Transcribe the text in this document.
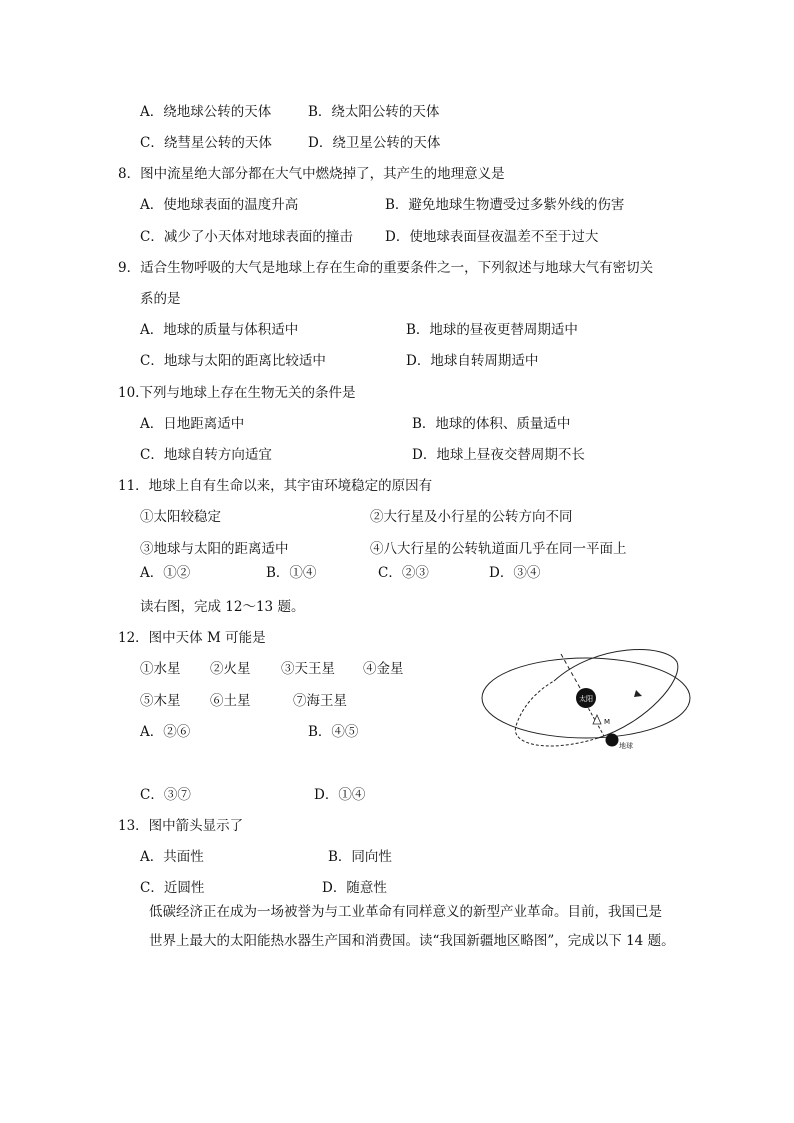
A．绕地球公转的天体	B．绕太阳公转的天体
C．绕彗星公转的天体	D．绕卫星公转的天体
8．图中流星绝大部分都在大气中燃烧掉了，其产生的地理意义是
A．使地球表面的温度升高	B．避免地球生物遭受过多紫外线的伤害
C．减少了小天体对地球表面的撞击 D．使地球表面昼夜温差不至于过大
9．适合生物呼吸的大气是地球上存在生命的重要条件之一，下列叙述与地球大气有密切关
系的是
A．地球的质量与体积适中	B．地球的昼夜更替周期适中
C．地球与太阳的距离比较适中	D．地球自转周期适中
10.下列与地球上存在生物无关的条件是
A．日地距离适中	B．地球的体积、质量适中
C．地球自转方向适宜	D．地球上昼夜交替周期不长
11．地球上自有生命以来，其宇宙环境稳定的原因有
①太阳较稳定	②大行星及小行星的公转方向不同
③地球与太阳的距离适中	④八大行星的公转轨道面几乎在同一平面上
A．①②	B．①④	C．②③	D．③④
读右图，完成 12～13 题。
12．图中天体 M 可能是
①水星 ②火星 ③天王星 ④金星
⑤木星 ⑥土星	⑦海王星
A．②⑥	B．④⑤
C．③⑦	D．①④
太阳
M
地球
13．图中箭头显示了
A．共面性	B．同向性
C．近圆性	D．随意性
低碳经济正在成为一场被誉为与工业革命有同样意义的新型产业革命。目前，我国已是
世界上最大的太阳能热水器生产国和消费国。读“我国新疆地区略图”，完成以下 14 题。
